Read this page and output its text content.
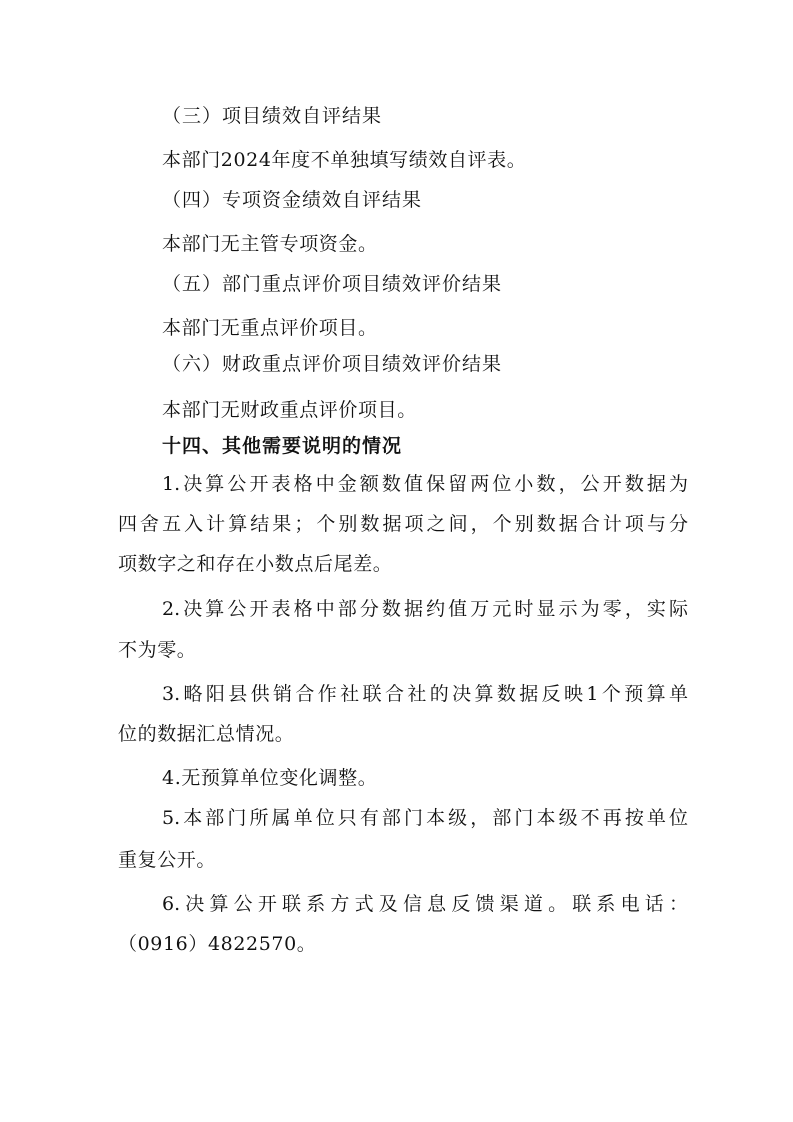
（三）项目绩效自评结果
本部门2024年度不单独填写绩效自评表。
（四）专项资金绩效自评结果
本部门无主管专项资金。
（五）部门重点评价项目绩效评价结果
本部门无重点评价项目。
（六）财政重点评价项目绩效评价结果
本部门无财政重点评价项目。
十四、其他需要说明的情况
1.决算公开表格中金额数值保留两位小数，公开数据为
四舍五入计算结果；个别数据项之间，个别数据合计项与分
项数字之和存在小数点后尾差。
2.决算公开表格中部分数据约值万元时显示为零，实际
不为零。
3.略阳县供销合作社联合社的决算数据反映1个预算单
位的数据汇总情况。
4.无预算单位变化调整。
5.本部门所属单位只有部门本级，部门本级不再按单位
重复公开。
6.决算公开联系方式及信息反馈渠道。联系电话：
（0916）4822570。
